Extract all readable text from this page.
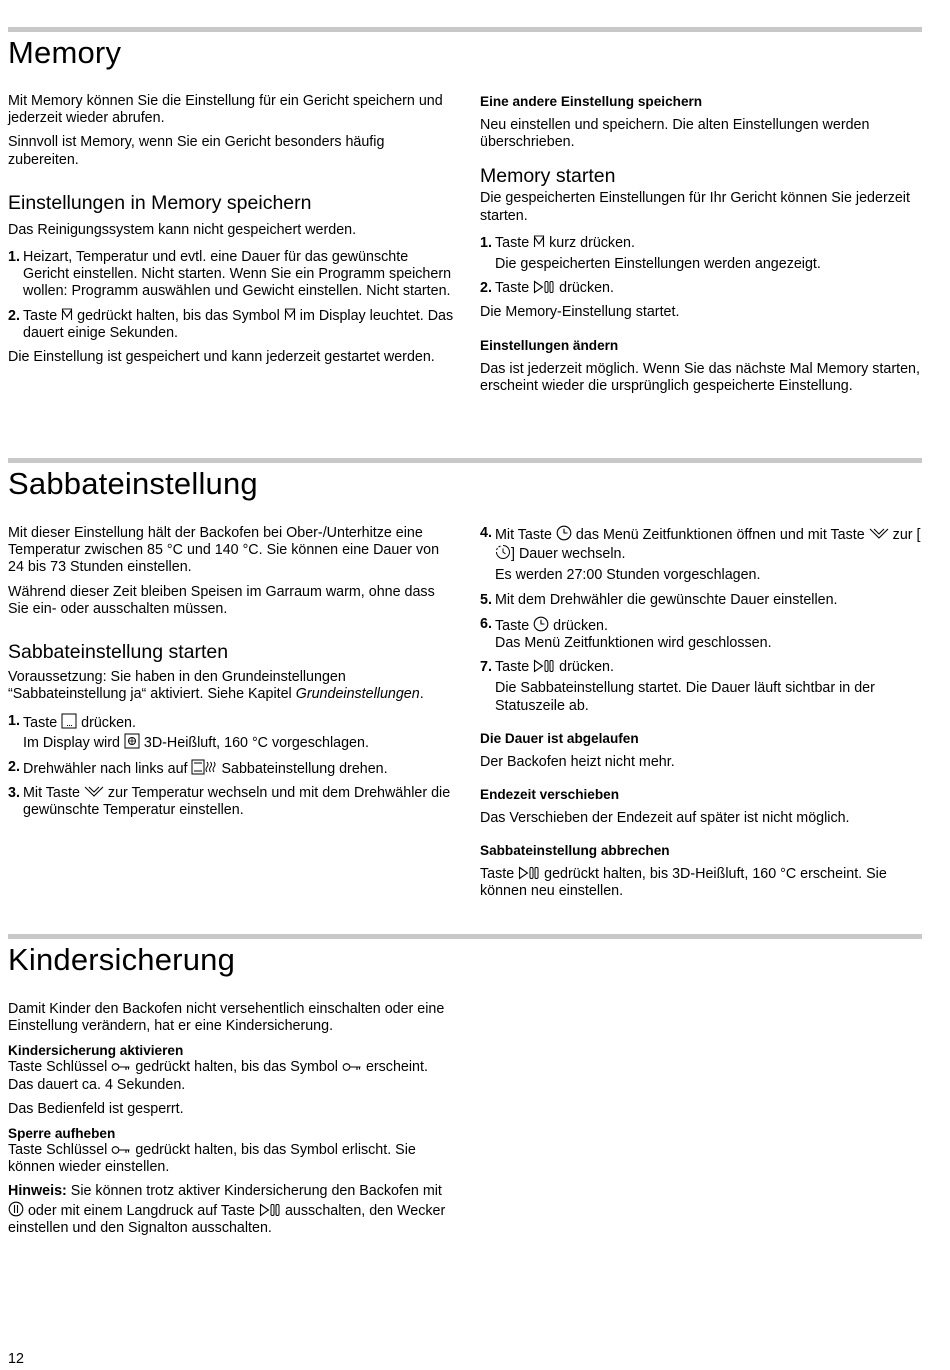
Memory

Mit Memory können Sie die Einstellung für ein Gericht speichern und jederzeit wieder abrufen.

Sinnvoll ist Memory, wenn Sie ein Gericht besonders häufig zubereiten.

Einstellungen in Memory speichern

Das Reinigungssystem kann nicht gespeichert werden.

1. Heizart, Temperatur und evtl. eine Dauer für das gewünschte Gericht einstellen. Nicht starten. Wenn Sie ein Programm speichern wollen: Programm auswählen und Gewicht einstellen. Nicht starten.
2. Taste gedrückt halten, bis das Symbol im Display leuchtet. Das dauert einige Sekunden.

Die Einstellung ist gespeichert und kann jederzeit gestartet werden.

Eine andere Einstellung speichern

Neu einstellen und speichern. Die alten Einstellungen werden überschrieben.

Memory starten

Die gespeicherten Einstellungen für Ihr Gericht können Sie jederzeit starten.

1. Taste kurz drücken.
Die gespeicherten Einstellungen werden angezeigt.
2. Taste drücken.

Die Memory-Einstellung startet.

Einstellungen ändern

Das ist jederzeit möglich. Wenn Sie das nächste Mal Memory starten, erscheint wieder die ursprünglich gespeicherte Einstellung.

Sabbateinstellung

Mit dieser Einstellung hält der Backofen bei Ober-/Unterhitze eine Temperatur zwischen 85 °C und 140 °C. Sie können eine Dauer von 24 bis 73 Stunden einstellen.

Während dieser Zeit bleiben Speisen im Garraum warm, ohne dass Sie ein- oder ausschalten müssen.

Sabbateinstellung starten

Voraussetzung: Sie haben in den Grundeinstellungen “Sabbateinstellung ja“ aktiviert. Siehe Kapitel Grundeinstellungen.

1. Taste drücken.
Im Display wird 3D-Heißluft, 160 °C vorgeschlagen.
2. Drehwähler nach links auf Sabbateinstellung drehen.
3. Mit Taste zur Temperatur wechseln und mit dem Drehwähler die gewünschte Temperatur einstellen.
4. Mit Taste das Menü Zeitfunktionen öffnen und mit Taste zur [
] Dauer wechseln.
Es werden 27:00 Stunden vorgeschlagen.
5. Mit dem Drehwähler die gewünschte Dauer einstellen.
6. Taste drücken.
Das Menü Zeitfunktionen wird geschlossen.
7. Taste drücken.
Die Sabbateinstellung startet. Die Dauer läuft sichtbar in der Statuszeile ab.
Die Dauer ist abgelaufen

Der Backofen heizt nicht mehr.

Endezeit verschieben

Das Verschieben der Endezeit auf später ist nicht möglich.

Sabbateinstellung abbrechen

Taste gedrückt halten, bis 3D-Heißluft, 160 °C erscheint. Sie können neu einstellen.

Kindersicherung

Damit Kinder den Backofen nicht versehentlich einschalten oder eine Einstellung verändern, hat er eine Kindersicherung.

Kindersicherung aktivieren

Taste Schlüssel gedrückt halten, bis das Symbol erscheint. Das dauert ca. 4 Sekunden.

Das Bedienfeld ist gesperrt.

Sperre aufheben

Taste Schlüssel gedrückt halten, bis das Symbol erlischt. Sie können wieder einstellen.

Hinweis: Sie können trotz aktiver Kindersicherung den Backofen mit
oder mit einem Langdruck auf Taste ausschalten, den Wecker einstellen und den Signalton ausschalten.

12
